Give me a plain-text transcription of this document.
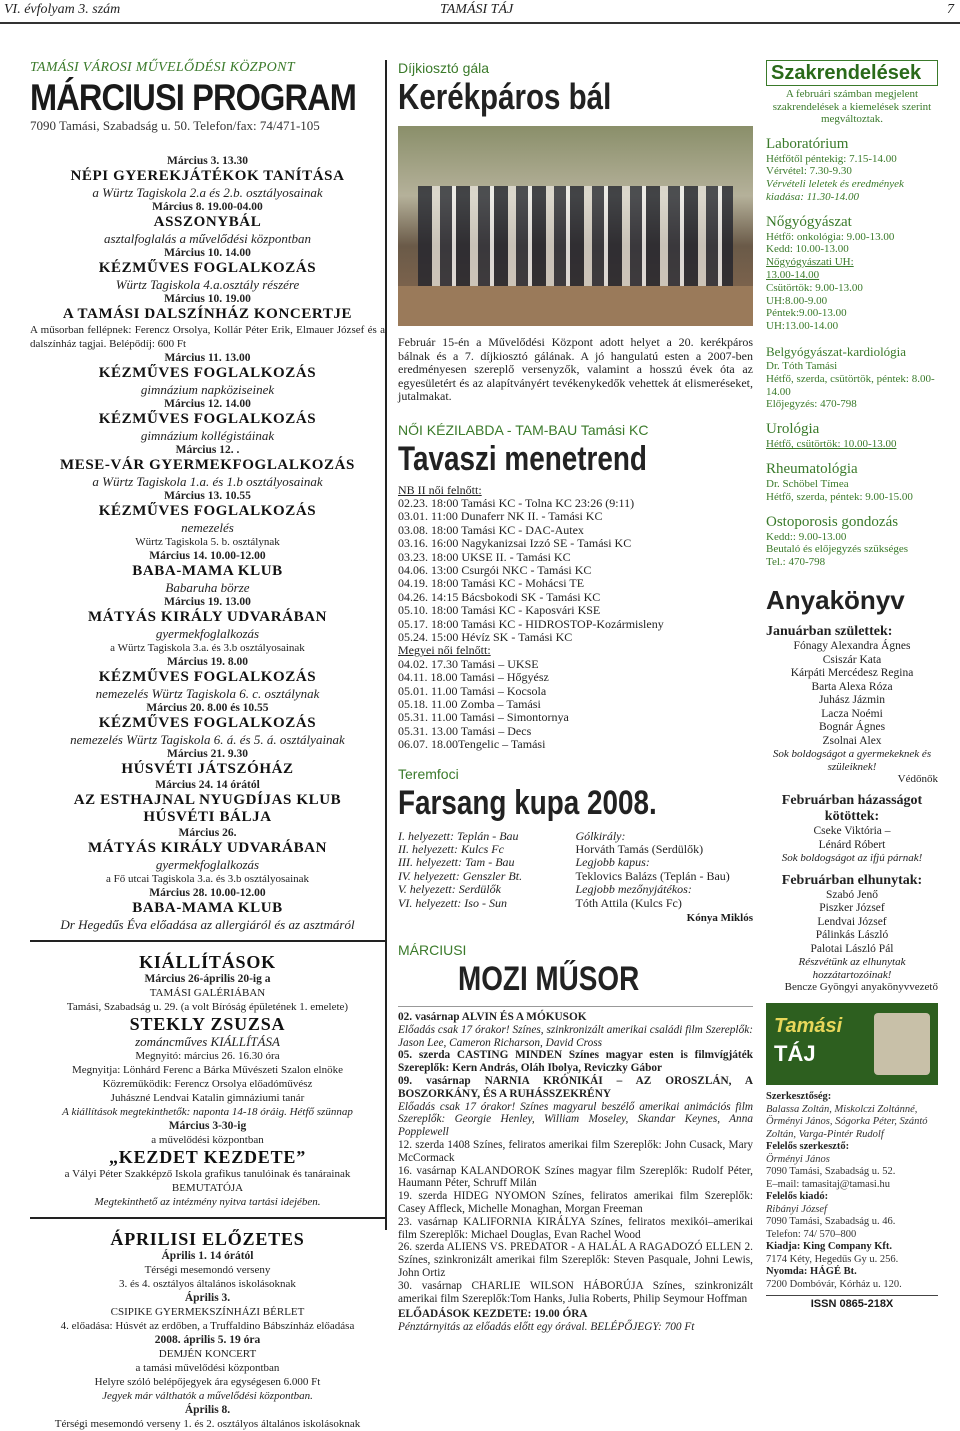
VI. évfolyam 3. szám	TAMÁSI TÁJ	7
TAMÁSI VÁROSI MŰVELŐDÉSI KÖZPONT
MÁRCIUSI PROGRAM
7090 Tamási, Szabadság u. 50. Telefon/fax: 74/471-105
Március 3. 13.30
NÉPI GYEREKJÁTÉKOK TANÍTÁSA
a Würtz Tagiskola 2.a és 2.b. osztályosainak
Március 8. 19.00-04.00
ASSZONYBÁL
asztalfoglalás a művelődési központban
Március 10. 14.00
KÉZMŰVES FOGLALKOZÁS
Würtz Tagiskola 4.a.osztály részére
Március 10. 19.00
A TAMÁSI DALSZÍNHÁZ KONCERTJE
A műsorban fellépnek: Ferencz Orsolya, Kollár Péter Erik, Elmauer József és a dalszínház tagjai. Belépődíj: 600 Ft
Március 11. 13.00
KÉZMŰVES FOGLALKOZÁS
gimnázium napköziseinek
Március 12. 14.00
KÉZMŰVES FOGLALKOZÁS
gimnázium kollégistáinak
Március 12. .
MESE-VÁR GYERMEKFOGLALKOZÁS
a Würtz Tagiskola 1.a. és 1.b osztályosainak
Március 13. 10.55
KÉZMŰVES FOGLALKOZÁS
nemezelés
Würtz Tagiskola 5. b. osztálynak
Március 14. 10.00-12.00
BABA-MAMA KLUB
Babaruha börze
Március 19. 13.00
MÁTYÁS KIRÁLY UDVARÁBAN
gyermekfoglalkozás
a Würtz Tagiskola 3.a. és 3.b osztályosainak
Március 19. 8.00
KÉZMŰVES FOGLALKOZÁS
nemezelés Würtz Tagiskola 6. c. osztálynak
Március 20. 8.00 és 10.55
KÉZMŰVES FOGLALKOZÁS
nemezelés Würtz Tagiskola 6. á. és 5. á. osztályainak
Március 21. 9.30
HÚSVÉTI JÁTSZÓHÁZ
Március 24. 14 órától
AZ ESTHAJNAL NYUGDÍJAS KLUB
HÚSVÉTI BÁLJA
Március 26.
MÁTYÁS KIRÁLY UDVARÁBAN
gyermekfoglalkozás
a Fő utcai Tagiskola 3.a. és 3.b osztályosainak
Március 28. 10.00-12.00
BABA-MAMA KLUB
Dr Hegedűs Éva előadása az allergiáról és az asztmáról
KIÁLLÍTÁSOK
Március 26-április 20-ig a
TAMÁSI GALÉRIÁBAN
Tamási, Szabadság u. 29. (a volt Bíróság épületének 1. emelete)
STEKLY ZSUZSA
zománcműves KIÁLLÍTÁSA
Megnyitó: március 26. 16.30 óra
Megnyitja: Lönhárd Ferenc a Bárka Művészeti Szalon elnöke
Közreműködik: Ferencz Orsolya előadóművész
Juhászné Lendvai Katalin gimnáziumi tanár
A kiállítások megtekinthetők: naponta 14-18 óráig. Hétfő szünnap
Március 3-30-ig
a művelődési központban
„KEZDET KEZDETE”
a Vályi Péter Szakképző Iskola grafikus tanulóinak és tanárainak
BEMUTATÓJA
Megtekinthető az intézmény nyitva tartási idejében.
ÁPRILISI ELŐZETES
Április 1. 14 órától
Térségi mesemondó verseny
3. és 4. osztályos általános iskolásoknak
Április 3.
CSIPIKE GYERMEKSZÍNHÁZI BÉRLET
4. előadása: Húsvét az erdőben, a Truffaldino Bábszínház előadása
2008. április 5. 19 óra
DEMJÉN KONCERT
a tamási művelődési központban
Helyre szóló belépőjegyek ára egységesen 6.000 Ft
Jegyek már válthatók a művelődési központban.
Április 8.
Térségi mesemondó verseny 1. és 2. osztályos általános iskolásoknak
Díjkiosztó gála
Kerékpáros bál
Február 15-én a Művelődési Központ adott helyet a 20. kerékpáros bálnak és a 7. díjkiosztó gálának. A jó hangulatú esten a 2007-ben eredményesen szereplő versenyzők, valamint a hosszú évek óta az egyesületért és az alapítványért tevékenykedők vehettek át elismeréseket, jutalmakat.
NŐI KÉZILABDA - TAM-BAU Tamási KC
Tavaszi menetrend
NB II női felnőtt:
02.23. 18:00 Tamási KC - Tolna KC 23:26 (9:11)
03.01. 11:00 Dunaferr NK II. - Tamási KC
03.08. 18:00 Tamási KC - DAC-Autex
03.16. 16:00 Nagykanizsai Izzó SE - Tamási KC
03.23. 18:00 UKSE II. - Tamási KC
04.06. 13:00 Csurgói NKC - Tamási KC
04.19. 18:00 Tamási KC - Mohácsi TE
04.26. 14:15 Bácsbokodi SK - Tamási KC
05.10. 18:00 Tamási KC - Kaposvári KSE
05.17. 18:00 Tamási KC - HIDROSTOP-Kozármisleny
05.24. 15:00 Hévíz SK - Tamási KC
Megyei női felnőtt:
04.02. 17.30 Tamási – UKSE
04.11. 18.00 Tamási – Hőgyész
05.01. 11.00 Tamási – Kocsola
05.18. 11.00 Zomba – Tamási
05.31. 11.00 Tamási – Simontornya
05.31. 13.00 Tamási – Decs
06.07. 18.00Tengelic – Tamási
Teremfoci
Farsang kupa 2008.
I. helyezett: Teplán - Bau
II. helyezett: Kulcs Fc
III. helyezett: Tam - Bau
IV. helyezett: Genszler Bt.
V. helyezett: Serdülők
VI. helyezett: Iso - Sun
Gólkirály:
Horváth Tamás (Serdülők)
Legjobb kapus:
Teklovics Balázs (Teplán - Bau)
Legjobb mezőnyjátékos:
Tóth Attila (Kulcs Fc)
Kónya Miklós
MÁRCIUSI
MOZI MŰSOR
02. vasárnap ALVIN ÉS A MÓKUSOK
Előadás csak 17 órakor! Színes, szinkronizált amerikai családi film Szereplők: Jason Lee, Cameron Richarson, David Cross
05. szerda CASTING MINDEN Színes magyar esten is filmvígjáték Szereplők: Kern András, Oláh Ibolya, Reviczky Gábor
09. vasárnap NARNIA KRÓNIKÁI – AZ OROSZLÁN, A BOSZORKÁNY, ÉS A RUHÁSSZEKRÉNY
Előadás csak 17 órakor! Színes magyarul beszélő amerikai animációs film Szereplők: Georgie Henley, William Moseley, Skandar Keynes, Anna Popplewell
12. szerda 1408 Színes, feliratos amerikai film Szereplők: John Cusack, Mary McCormack
16. vasárnap KALANDOROK Színes magyar film Szereplők: Rudolf Péter, Haumann Péter, Schruff Milán
19. szerda HIDEG NYOMON Színes, feliratos amerikai film Szereplők: Casey Affleck, Michelle Monaghan, Morgan Freeman
23. vasárnap KALIFORNIA KIRÁLYA Színes, feliratos mexikói–amerikai film Szereplők: Michael Douglas, Evan Rachel Wood
26. szerda ALIENS VS. PREDATOR - A HALÁL A RAGADOZÓ ELLEN 2. Színes, szinkronizált amerikai film Szereplők: Steven Pasquale, Johni Lewis, John Ortiz
30. vasárnap CHARLIE WILSON HÁBORÚJA Színes, szinkronizált amerikai film Szereplők:Tom Hanks, Julia Roberts, Philip Seymour Hoffman
ELŐADÁSOK KEZDETE: 19.00 ÓRA
Pénztárnyitás az előadás előtt egy órával. BELÉPŐJEGY: 700 Ft
Szakrendelések
A februári számban megjelent szakrendelések a kiemelések szerint megváltoztak.
Laboratórium
Hétfőtől péntekig: 7.15-14.00
Vérvétel: 7.30-9.30
Vérvételi leletek és eredmények kiadása: 11.30-14.00
Nőgyógyászat
Hétfő: onkológia: 9.00-13.00
Kedd: 10.00-13.00
Nőgyógyászati UH:
13.00-14.00
Csütörtök: 9.00-13.00
UH:8.00-9.00
Péntek:9.00-13.00
UH:13.00-14.00
Belgyógyászat-kardiológia
Dr. Tóth Tamási
Hétfő, szerda, csütörtök, péntek: 8.00-14.00
Előjegyzés: 470-798
Urológia
Hétfő, csütörtök: 10.00-13.00
Rheumatológia
Dr. Schöbel Tímea
Hétfő, szerda, péntek: 9.00-15.00
Ostoporosis gondozás
Kedd:: 9.00-13.00
Beutaló és előjegyzés szükséges
Tel.: 470-798
Anyakönyv
Januárban születtek:
Fónagy Alexandra Ágnes
Csiszár Kata
Kárpáti Mercédesz Regina
Barta Alexa Róza
Juhász Jázmin
Lacza Noémi
Bognár Ágnes
Zsolnai Alex
Sok boldogságot a gyermekeknek és szüleiknek!
Védőnők
Februárban házasságot kötöttek:
Cseke Viktória –
Lénárd Róbert
Sok boldogságot az ifjú párnak!
Februárban elhunytak:
Szabó Jenő
Piszker József
Lendvai József
Pálinkás László
Palotai László Pál
Részvétünk az elhunytak hozzátartozóinak!
Bencze Gyöngyi anyakönyvvezető
Tamási
TÁJ
Szerkesztőség:
Balassa Zoltán, Miskolczi Zoltánné, Örményi János, Sógorka Péter, Szántó Zoltán, Varga-Pintér Rudolf
Felelős szerkesztő:
Örményi János
7090 Tamási, Szabadság u. 52.
E–mail: tamasitaj@tamasi.hu
Felelős kiadó:
Ribányi József
7090 Tamási, Szabadság u. 46.
Telefon: 74/ 570–800
Kiadja: King Company Kft.
7174 Kéty, Hegedűs Gy u. 256.
Nyomda: HÁGÉ Bt.
7200 Dombóvár, Kórház u. 120.
ISSN 0865-218X
